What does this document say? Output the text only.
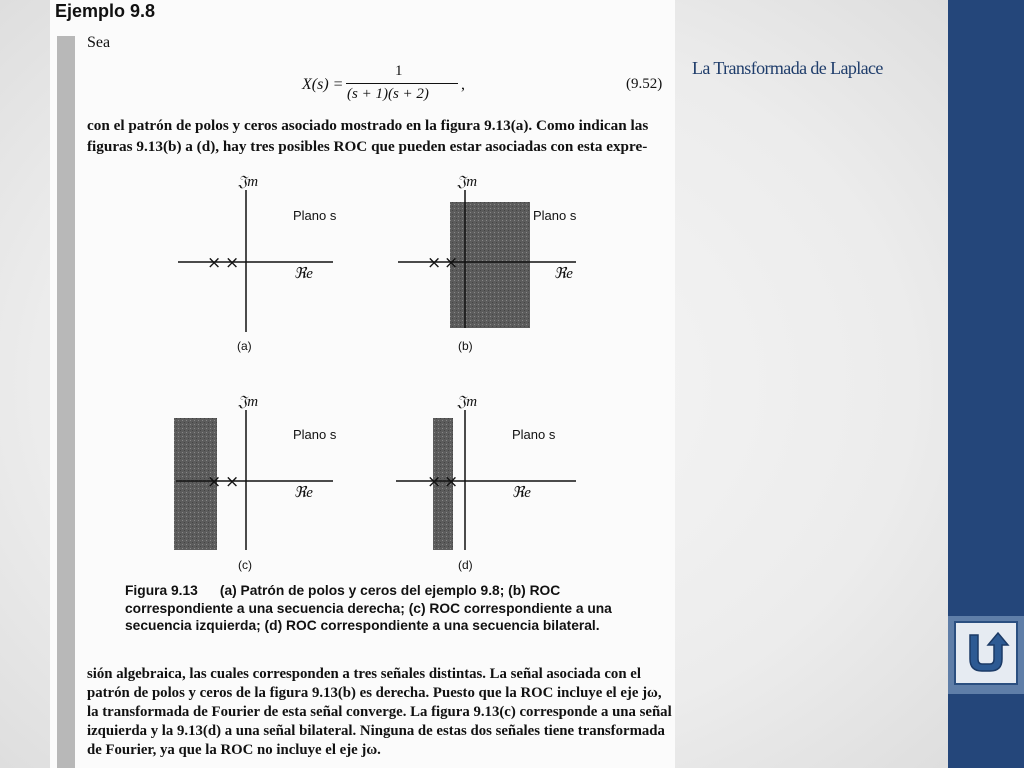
La Transformada de Laplace
Ejemplo 9.8
Sea
X(s) =
1
(s + 1)(s + 2)
,	(9.52)
con el patrón de polos y ceros asociado mostrado en la figura 9.13(a). Como indican las figuras 9.13(b) a (d), hay tres posibles ROC que pueden estar asociadas con esta expre-
𝔍m
ℜe
Plano s
× ×
(a)
𝔍m
ℜe
Plano s
× ×
(b)
𝔍m
ℜe
Plano s
× ×
(c)
𝔍m
ℜe
Plano s
× ×
(d)
Figura 9.13 (a) Patrón de polos y ceros del ejemplo 9.8; (b) ROC correspondiente a una secuencia derecha; (c) ROC correspondiente a una secuencia izquierda; (d) ROC correspondiente a una secuencia bilateral.
sión algebraica, las cuales corresponden a tres señales distintas. La señal asociada con el patrón de polos y ceros de la figura 9.13(b) es derecha. Puesto que la ROC incluye el eje jω, la transformada de Fourier de esta señal converge. La figura 9.13(c) corresponde a una señal izquierda y la 9.13(d) a una señal bilateral. Ninguna de estas dos señales tiene transformada de Fourier, ya que la ROC no incluye el eje jω.
